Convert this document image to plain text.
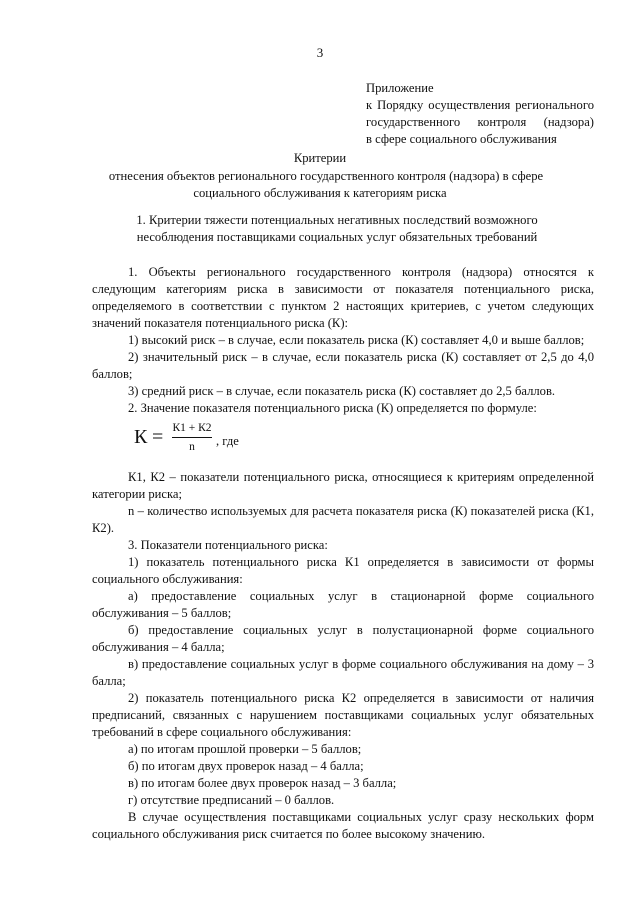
3
Приложение
к Порядку осуществления регионального
государственного контроля (надзора)
в сфере социального обслуживания
Критерии
отнесения объектов регионального государственного контроля (надзора) в сфере
социального обслуживания к категориям риска
1. Критерии тяжести потенциальных негативных последствий возможного
несоблюдения поставщиками социальных услуг обязательных требований

1. Объекты регионального государственного контроля (надзора) относятся к следующим категориям риска в зависимости от показателя потенциального риска, определяемого в соответствии с пунктом 2 настоящих критериев, с учетом следующих значений показателя потенциального риска (К):

1) высокий риск – в случае, если показатель риска (К) составляет 4,0 и выше баллов;

2) значительный риск – в случае, если показатель риска (К) составляет от 2,5 до 4,0 баллов;

3) средний риск – в случае, если показатель риска (К) составляет до 2,5 баллов.

2. Значение показателя потенциального риска (К) определяется по формуле:

К = К1 + К2
n	, где

К1, К2 – показатели потенциального риска, относящиеся к критериям определенной категории риска;

n – количество используемых для расчета показателя риска (К) показателей риска (К1, К2).

3. Показатели потенциального риска:

1) показатель потенциального риска К1 определяется в зависимости от формы социального обслуживания:

а) предоставление социальных услуг в стационарной форме социального обслуживания – 5 баллов;

б) предоставление социальных услуг в полустационарной форме социального обслуживания – 4 балла;

в) предоставление социальных услуг в форме социального обслуживания на дому – 3 балла;

2) показатель потенциального риска К2 определяется в зависимости от наличия предписаний, связанных с нарушением поставщиками социальных услуг обязательных требований в сфере социального обслуживания:

а) по итогам прошлой проверки – 5 баллов;

б) по итогам двух проверок назад – 4 балла;

в) по итогам более двух проверок назад – 3 балла;

г) отсутствие предписаний – 0 баллов.

В случае осуществления поставщиками социальных услуг сразу нескольких форм социального обслуживания риск считается по более высокому значению.
